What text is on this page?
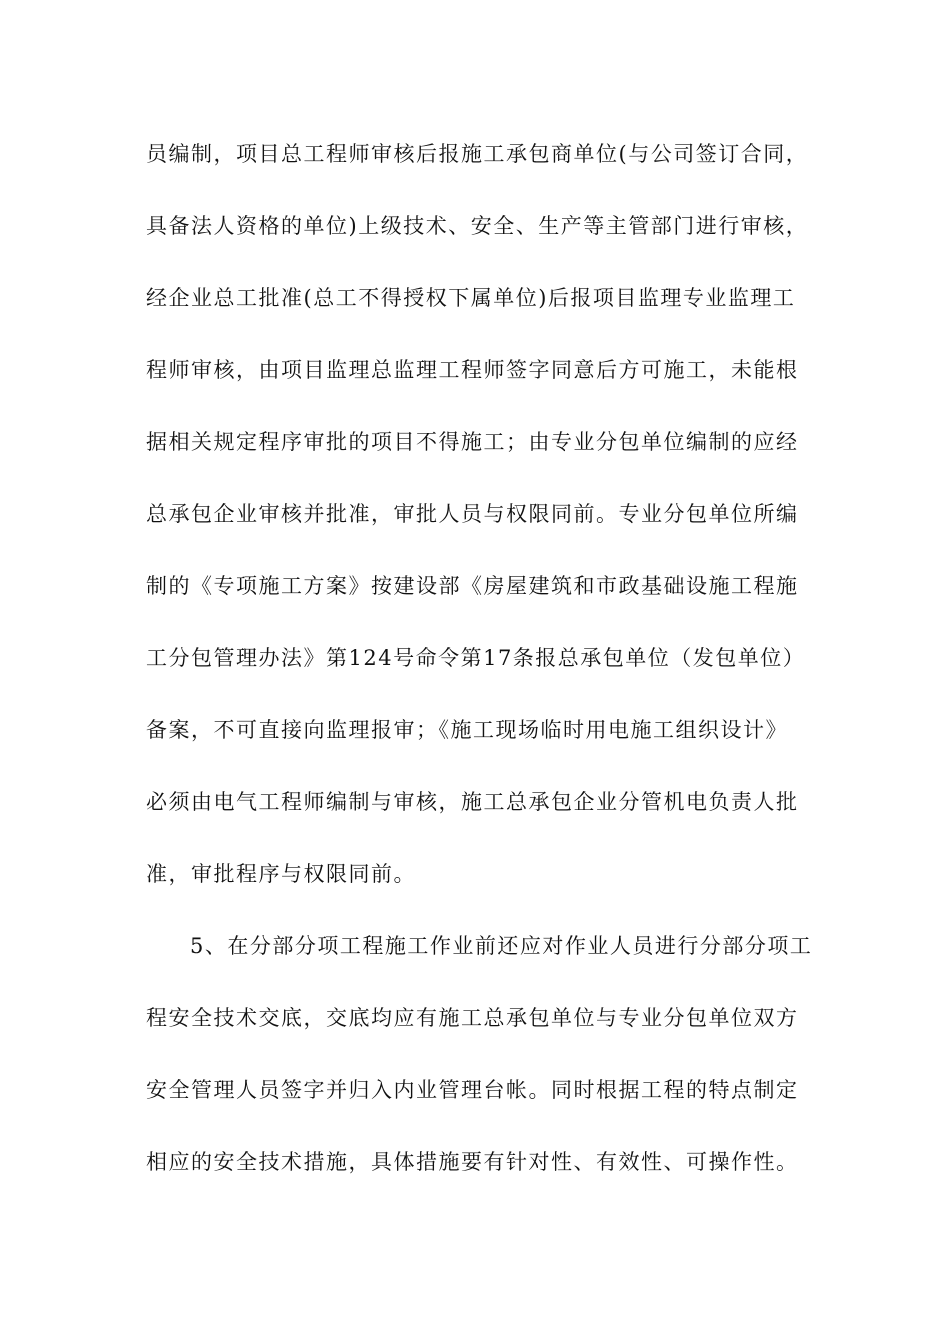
员编制，项目总工程师审核后报施工承包商单位(与公司签订合同，
具备法人资格的单位)上级技术、安全、生产等主管部门进行审核，
经企业总工批准(总工不得授权下属单位)后报项目监理专业监理工
程师审核，由项目监理总监理工程师签字同意后方可施工，未能根
据相关规定程序审批的项目不得施工；由专业分包单位编制的应经
总承包企业审核并批准，审批人员与权限同前。专业分包单位所编
制的《专项施工方案》按建设部《房屋建筑和市政基础设施工程施
工分包管理办法》第124号命令第17条报总承包单位（发包单位）
备案，不可直接向监理报审；《施工现场临时用电施工组织设计》
必须由电气工程师编制与审核，施工总承包企业分管机电负责人批
准，审批程序与权限同前。
5、在分部分项工程施工作业前还应对作业人员进行分部分项工
程安全技术交底，交底均应有施工总承包单位与专业分包单位双方
安全管理人员签字并归入内业管理台帐。同时根据工程的特点制定
相应的安全技术措施，具体措施要有针对性、有效性、可操作性。
